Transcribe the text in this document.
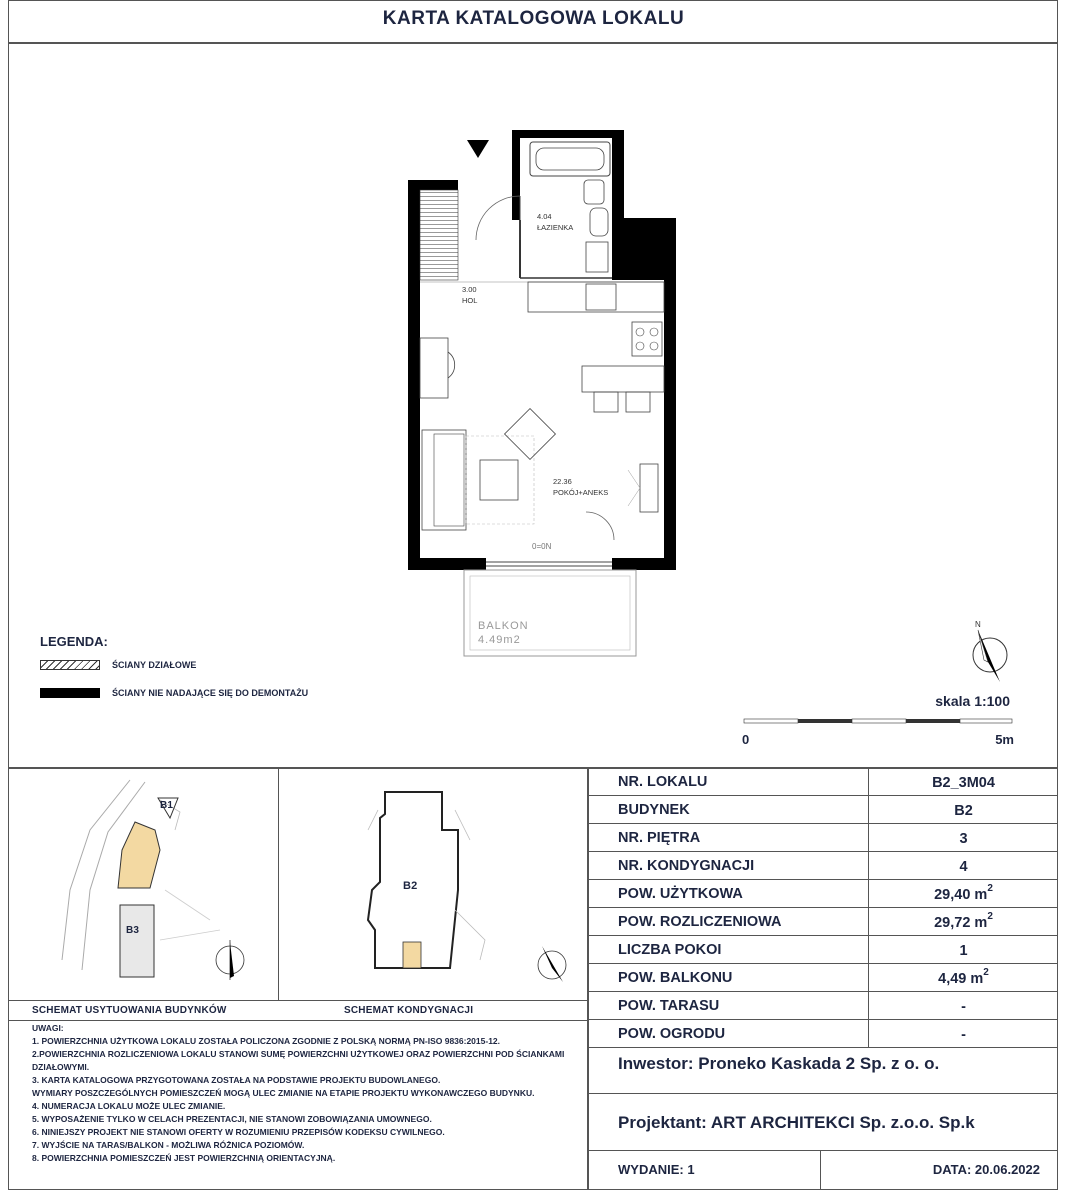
KARTA KATALOGOWA LOKALU
0=0N
4.04
ŁAZIENKA
3.00
HOL
22.36
POKÓJ+ANEKS
BALKON
4.49m2
N
LEGENDA:
ŚCIANY DZIAŁOWE
ŚCIANY NIE NADAJĄCE SIĘ DO DEMONTAŻU	skala 1:100
0	5m
B1
B3
SCHEMAT USYTUOWANIA BUDYNKÓW
B2
SCHEMAT KONDYGNACJI
UWAGI:
1. POWIERZCHNIA UŻYTKOWA LOKALU ZOSTAŁA POLICZONA ZGODNIE Z POLSKĄ NORMĄ PN-ISO 9836:2015-12.
2.POWIERZCHNIA ROZLICZENIOWA LOKALU STANOWI SUMĘ POWIERZCHNI UŻYTKOWEJ ORAZ POWIERZCHNI POD ŚCIANKAMI
DZIAŁOWYMI.
3. KARTA KATALOGOWA PRZYGOTOWANA ZOSTAŁA NA PODSTAWIE PROJEKTU BUDOWLANEGO.
WYMIARY POSZCZEGÓLNYCH POMIESZCZEŃ MOGĄ ULEC ZMIANIE NA ETAPIE PROJEKTU WYKONAWCZEGO BUDYNKU.
4. NUMERACJA LOKALU MOŻE ULEC ZMIANIE.
5. WYPOSAŻENIE TYLKO W CELACH PREZENTACJI, NIE STANOWI ZOBOWIĄZANIA UMOWNEGO.
6. NINIEJSZY PROJEKT NIE STANOWI OFERTY W ROZUMIENIU PRZEPISÓW KODEKSU CYWILNEGO.
7. WYJŚCIE NA TARAS/BALKON - MOŻLIWA RÓŻNICA POZIOMÓW.
8. POWIERZCHNIA POMIESZCZEŃ JEST POWIERZCHNIĄ ORIENTACYJNĄ.
NR. LOKALU	B2_3M04
BUDYNEK	B2
NR. PIĘTRA	3
NR. KONDYGNACJI	4
POW. UŻYTKOWA	29,40 $m^2$
POW. ROZLICZENIOWA	29,72 $m^2$
LICZBA POKOI	1
POW. BALKONU	4,49 $m^2$
POW. TARASU	-
POW. OGRODU	-
Inwestor: Proneko Kaskada 2 Sp. z o. o.
Projektant: ART ARCHITEKCI Sp. z.o.o. Sp.k
WYDANIE: 1	DATA: 20.06.2022
